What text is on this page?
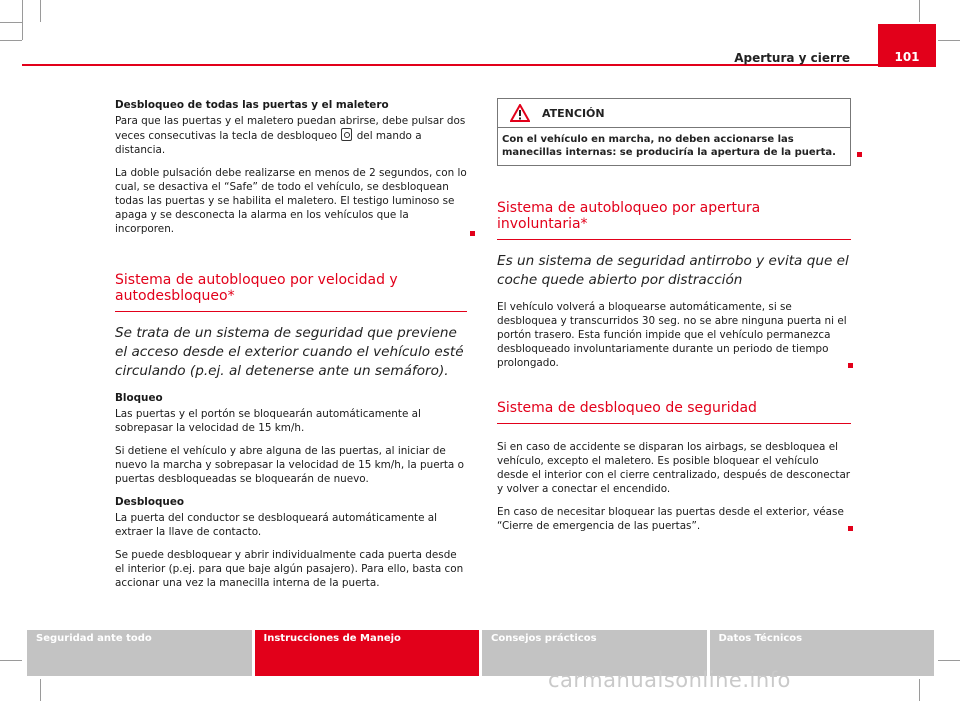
Apertura y cierre	101

Desbloqueo de todas las puertas y el maletero

Para que las puertas y el maletero puedan abrirse, debe pulsar dos veces consecutivas la tecla de desbloqueo del mando a distancia.

La doble pulsación debe realizarse en menos de 2 segundos, con lo cual, se desactiva el “Safe” de todo el vehículo, se desbloquean todas las puertas y se habilita el maletero. El testigo luminoso se apaga y se desconecta la alarma en los vehículos que la incorporen.

Sistema de autobloqueo por velocidad y autodesbloqueo*
Se trata de un sistema de seguridad que previene el acceso desde el exterior cuando el vehículo esté circulando (p.ej. al detenerse ante un semáforo).

Bloqueo

Las puertas y el portón se bloquearán automáticamente al sobrepasar la velocidad de 15 km/h.

Si detiene el vehículo y abre alguna de las puertas, al iniciar de nuevo la marcha y sobrepasar la velocidad de 15 km/h, la puerta o puertas desbloqueadas se bloquearán de nuevo.

Desbloqueo

La puerta del conductor se desbloqueará automáticamente al extraer la llave de contacto.

Se puede desbloquear y abrir individualmente cada puerta desde el interior (p.ej. para que baje algún pasajero). Para ello, basta con accionar una vez la manecilla interna de la puerta.

ATENCIÓN
Con el vehículo en marcha, no deben accionarse las manecillas internas: se produciría la apertura de la puerta.
Sistema de autobloqueo por apertura involuntaria*
Es un sistema de seguridad antirrobo y evita que el coche quede abierto por distracción

El vehículo volverá a bloquearse automáticamente, si se desbloquea y transcurridos 30 seg. no se abre ninguna puerta ni el portón trasero. Esta función impide que el vehículo permanezca desbloqueado involuntariamente durante un periodo de tiempo prolongado.

Sistema de desbloqueo de seguridad

Si en caso de accidente se disparan los airbags, se desbloquea el vehículo, excepto el maletero. Es posible bloquear el vehículo desde el interior con el cierre centralizado, después de desconectar y volver a conectar el encendido.

En caso de necesitar bloquear las puertas desde el exterior, véase “Cierre de emergencia de las puertas”.

Seguridad ante todo	Instrucciones de Manejo	Consejos prácticos	Datos Técnicos
carmanualsonline.info
